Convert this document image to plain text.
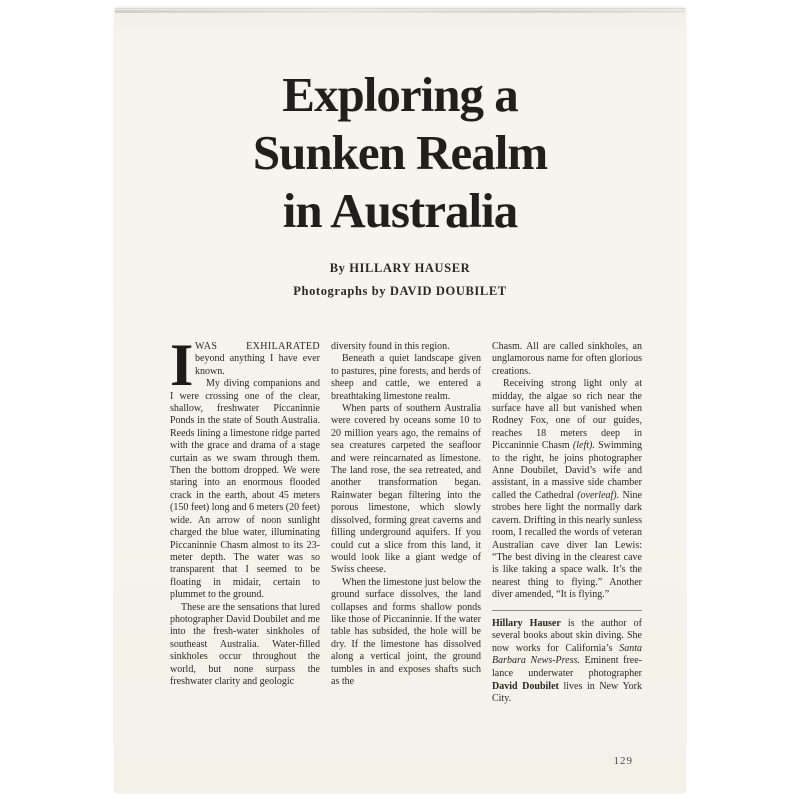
Exploring a
Sunken Realm
in Australia
By HILLARY HAUSER
Photographs by DAVID DOUBILET

IWAS EXHILARATED beyond anything I have ever known.

My diving companions and I were crossing one of the clear, shallow, freshwater Piccaninnie Ponds in the state of South Australia. Reeds lining a limestone ridge parted with the grace and drama of a stage curtain as we swam through them. Then the bottom dropped. We were staring into an enormous flooded crack in the earth, about 45 meters (150 feet) long and 6 meters (20 feet) wide. An arrow of noon sunlight charged the blue water, illuminating Piccaninnie Chasm almost to its 23-meter depth. The water was so transparent that I seemed to be floating in midair, certain to plummet to the ground.

These are the sensations that lured photographer David Doubilet and me into the fresh-water sinkholes of southeast Australia. Water-filled sinkholes occur throughout the world, but none surpass the freshwater clarity and geologic

diversity found in this region.

Beneath a quiet landscape given to pastures, pine forests, and herds of sheep and cattle, we entered a breathtaking limestone realm.

When parts of southern Australia were covered by oceans some 10 to 20 million years ago, the remains of sea creatures carpeted the seafloor and were reincarnated as limestone. The land rose, the sea retreated, and another transformation began. Rainwater began filtering into the porous limestone, which slowly dissolved, forming great caverns and filling underground aquifers. If you could cut a slice from this land, it would look like a giant wedge of Swiss cheese.

When the limestone just below the ground surface dissolves, the land collapses and forms shallow ponds like those of Piccaninnie. If the water table has subsided, the hole will be dry. If the limestone has dissolved along a vertical joint, the ground tumbles in and exposes shafts such as the

Chasm. All are called sinkholes, an unglamorous name for often glorious creations.

Receiving strong light only at midday, the algae so rich near the surface have all but vanished when Rodney Fox, one of our guides, reaches 18 meters deep in Piccaninnie Chasm (left). Swimming to the right, he joins photographer Anne Doubilet, David’s wife and assistant, in a massive side chamber called the Cathedral (overleaf). Nine strobes here light the normally dark cavern. Drifting in this nearly sunless room, I recalled the words of veteran Australian cave diver Ian Lewis: “The best diving in the clearest cave is like taking a space walk. It’s the nearest thing to flying.” Another diver amended, “It is flying.”

Hillary Hauser is the author of several books about skin diving. She now works for California’s Santa Barbara News-Press. Eminent free-lance underwater photographer David Doubilet lives in New York City.

129
